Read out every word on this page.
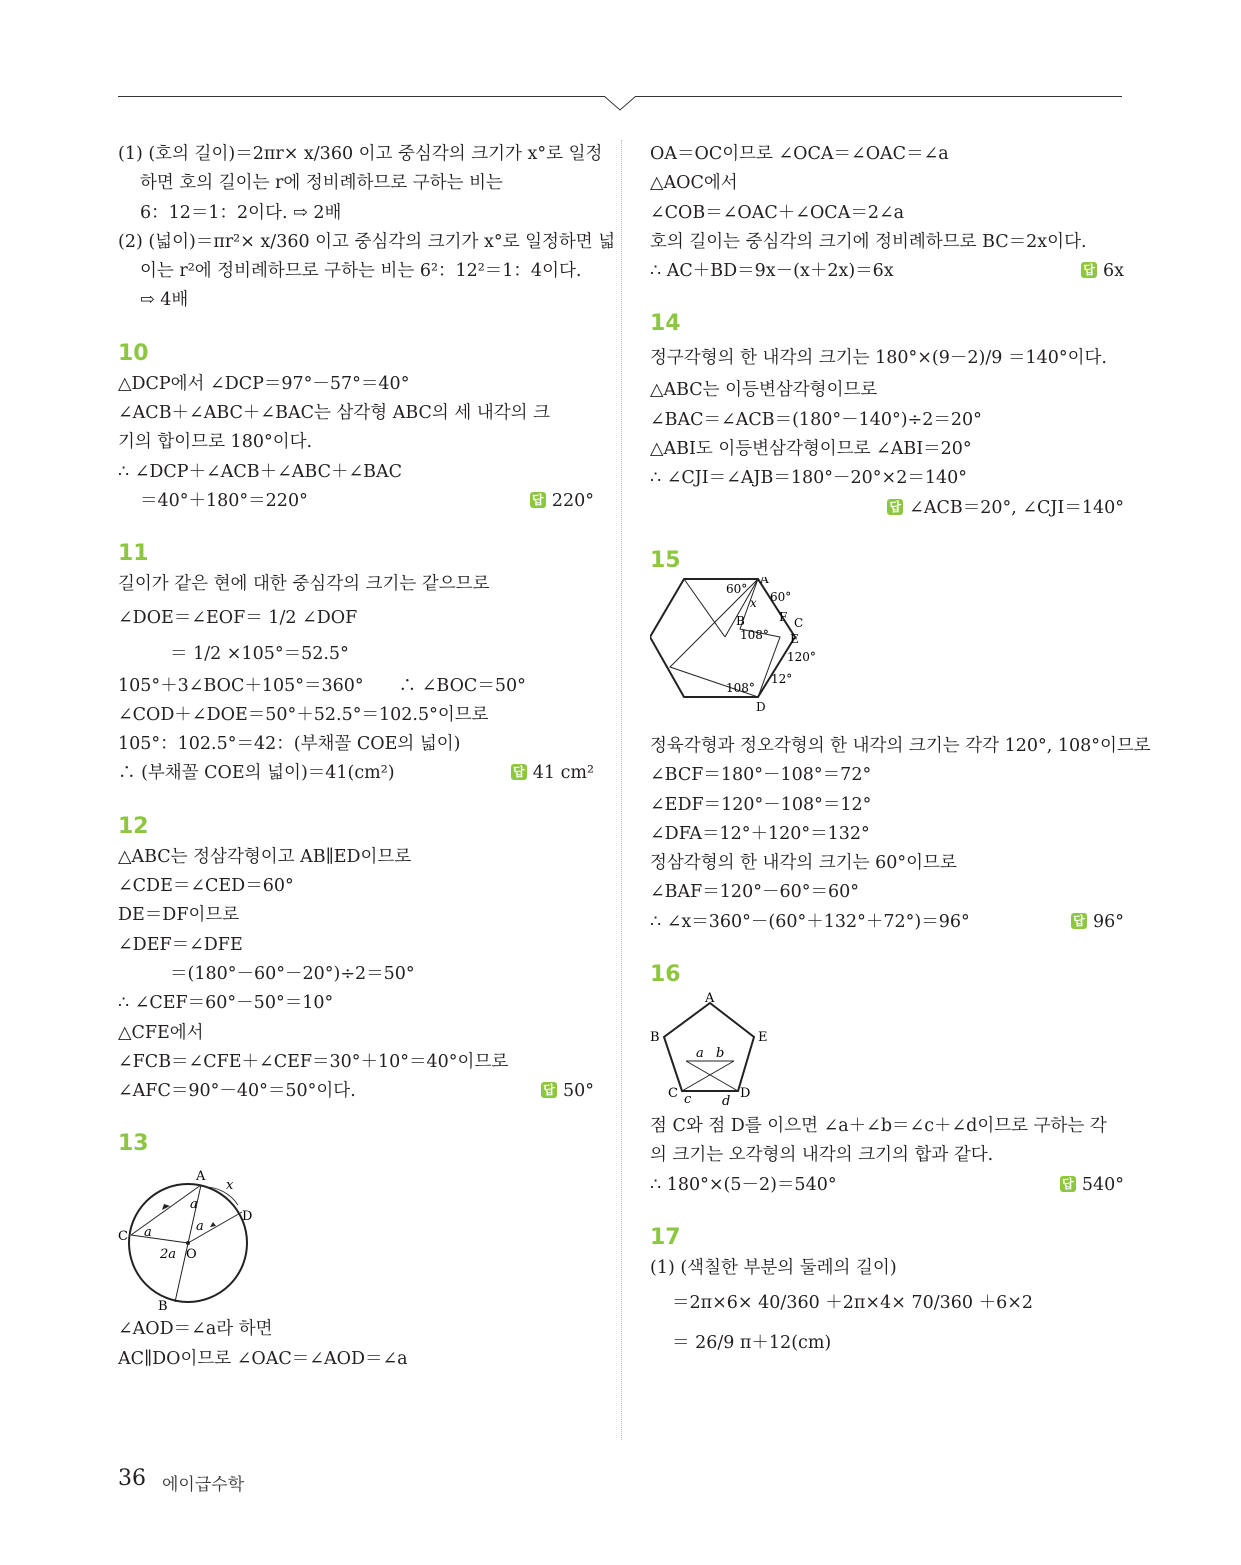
(1) (호의 길이)＝2πr× x/360 이고 중심각의 크기가 x°로 일정
하면 호의 길이는 r에 정비례하므로 구하는 비는
6：12＝1：2이다. ⇨ 2배
(2) (넓이)＝πr²× x/360 이고 중심각의 크기가 x°로 일정하면 넓
이는 r²에 정비례하므로 구하는 비는 6²：12²＝1：4이다.
⇨ 4배
10
△DCP에서 ∠DCP＝97°－57°＝40°
∠ACB＋∠ABC＋∠BAC는 삼각형 ABC의 세 내각의 크
기의 합이므로 180°이다.
∴ ∠DCP＋∠ACB＋∠ABC＋∠BAC
＝40°＋180°＝220°	답 220°
11
길이가 같은 현에 대한 중심각의 크기는 같으므로
∠DOE＝∠EOF＝ 1/2 ∠DOF
＝ 1/2 ×105°＝52.5°
105°＋3∠BOC＋105°＝360°　　∴ ∠BOC＝50°
∠COD＋∠DOE＝50°＋52.5°＝102.5°이므로
105°：102.5°＝42：(부채꼴 COE의 넓이)
∴ (부채꼴 COE의 넓이)＝41(cm²)	답 41 cm²
12
△ABC는 정삼각형이고 AB∥ED이므로
∠CDE＝∠CED＝60°
DE＝DF이므로
∠DEF＝∠DFE
＝(180°－60°－20°)÷2＝50°
∴ ∠CEF＝60°－50°＝10°
△CFE에서
∠FCB＝∠CFE＋∠CEF＝30°＋10°＝40°이므로
∠AFC＝90°－40°＝50°이다.	답 50°
13
A
x
D
C a
a
a
2a O
B
∠AOD＝∠a라 하면
AC∥DO이므로 ∠OAC＝∠AOD＝∠a
OA＝OC이므로 ∠OCA＝∠OAC＝∠a
△AOC에서
∠COB＝∠OAC＋∠OCA＝2∠a
호의 길이는 중심각의 크기에 정비례하므로 BC＝2x이다.
∴ AC＋BD＝9x－(x＋2x)＝6x	답 6x
14
정구각형의 한 내각의 크기는 180°×(9－2)/9 ＝140°이다.
△ABC는 이등변삼각형이므로
∠BAC＝∠ACB＝(180°－140°)÷2＝20°
△ABI도 이등변삼각형이므로 ∠ABI＝20°
∴ ∠CJI＝∠AJB＝180°－20°×2＝140°
답 ∠ACB＝20°, ∠CJI＝140°
15
A
60°
60°
x
B	F C
108° E
120°
12°
108°
D
정육각형과 정오각형의 한 내각의 크기는 각각 120°, 108°이므로
∠BCF＝180°－108°＝72°
∠EDF＝120°－108°＝12°
∠DFA＝12°＋120°＝132°
정삼각형의 한 내각의 크기는 60°이므로
∠BAF＝120°－60°＝60°
∴ ∠x＝360°－(60°＋132°＋72°)＝96°	답 96°
16
A
B	E
C	D
a b
c d
점 C와 점 D를 이으면 ∠a＋∠b＝∠c＋∠d이므로 구하는 각
의 크기는 오각형의 내각의 크기의 합과 같다.
∴ 180°×(5－2)＝540°	답 540°
17
(1) (색칠한 부분의 둘레의 길이)
＝2π×6× 40/360 ＋2π×4× 70/360 ＋6×2
＝ 26/9 π＋12(cm)
36 에이급수학
